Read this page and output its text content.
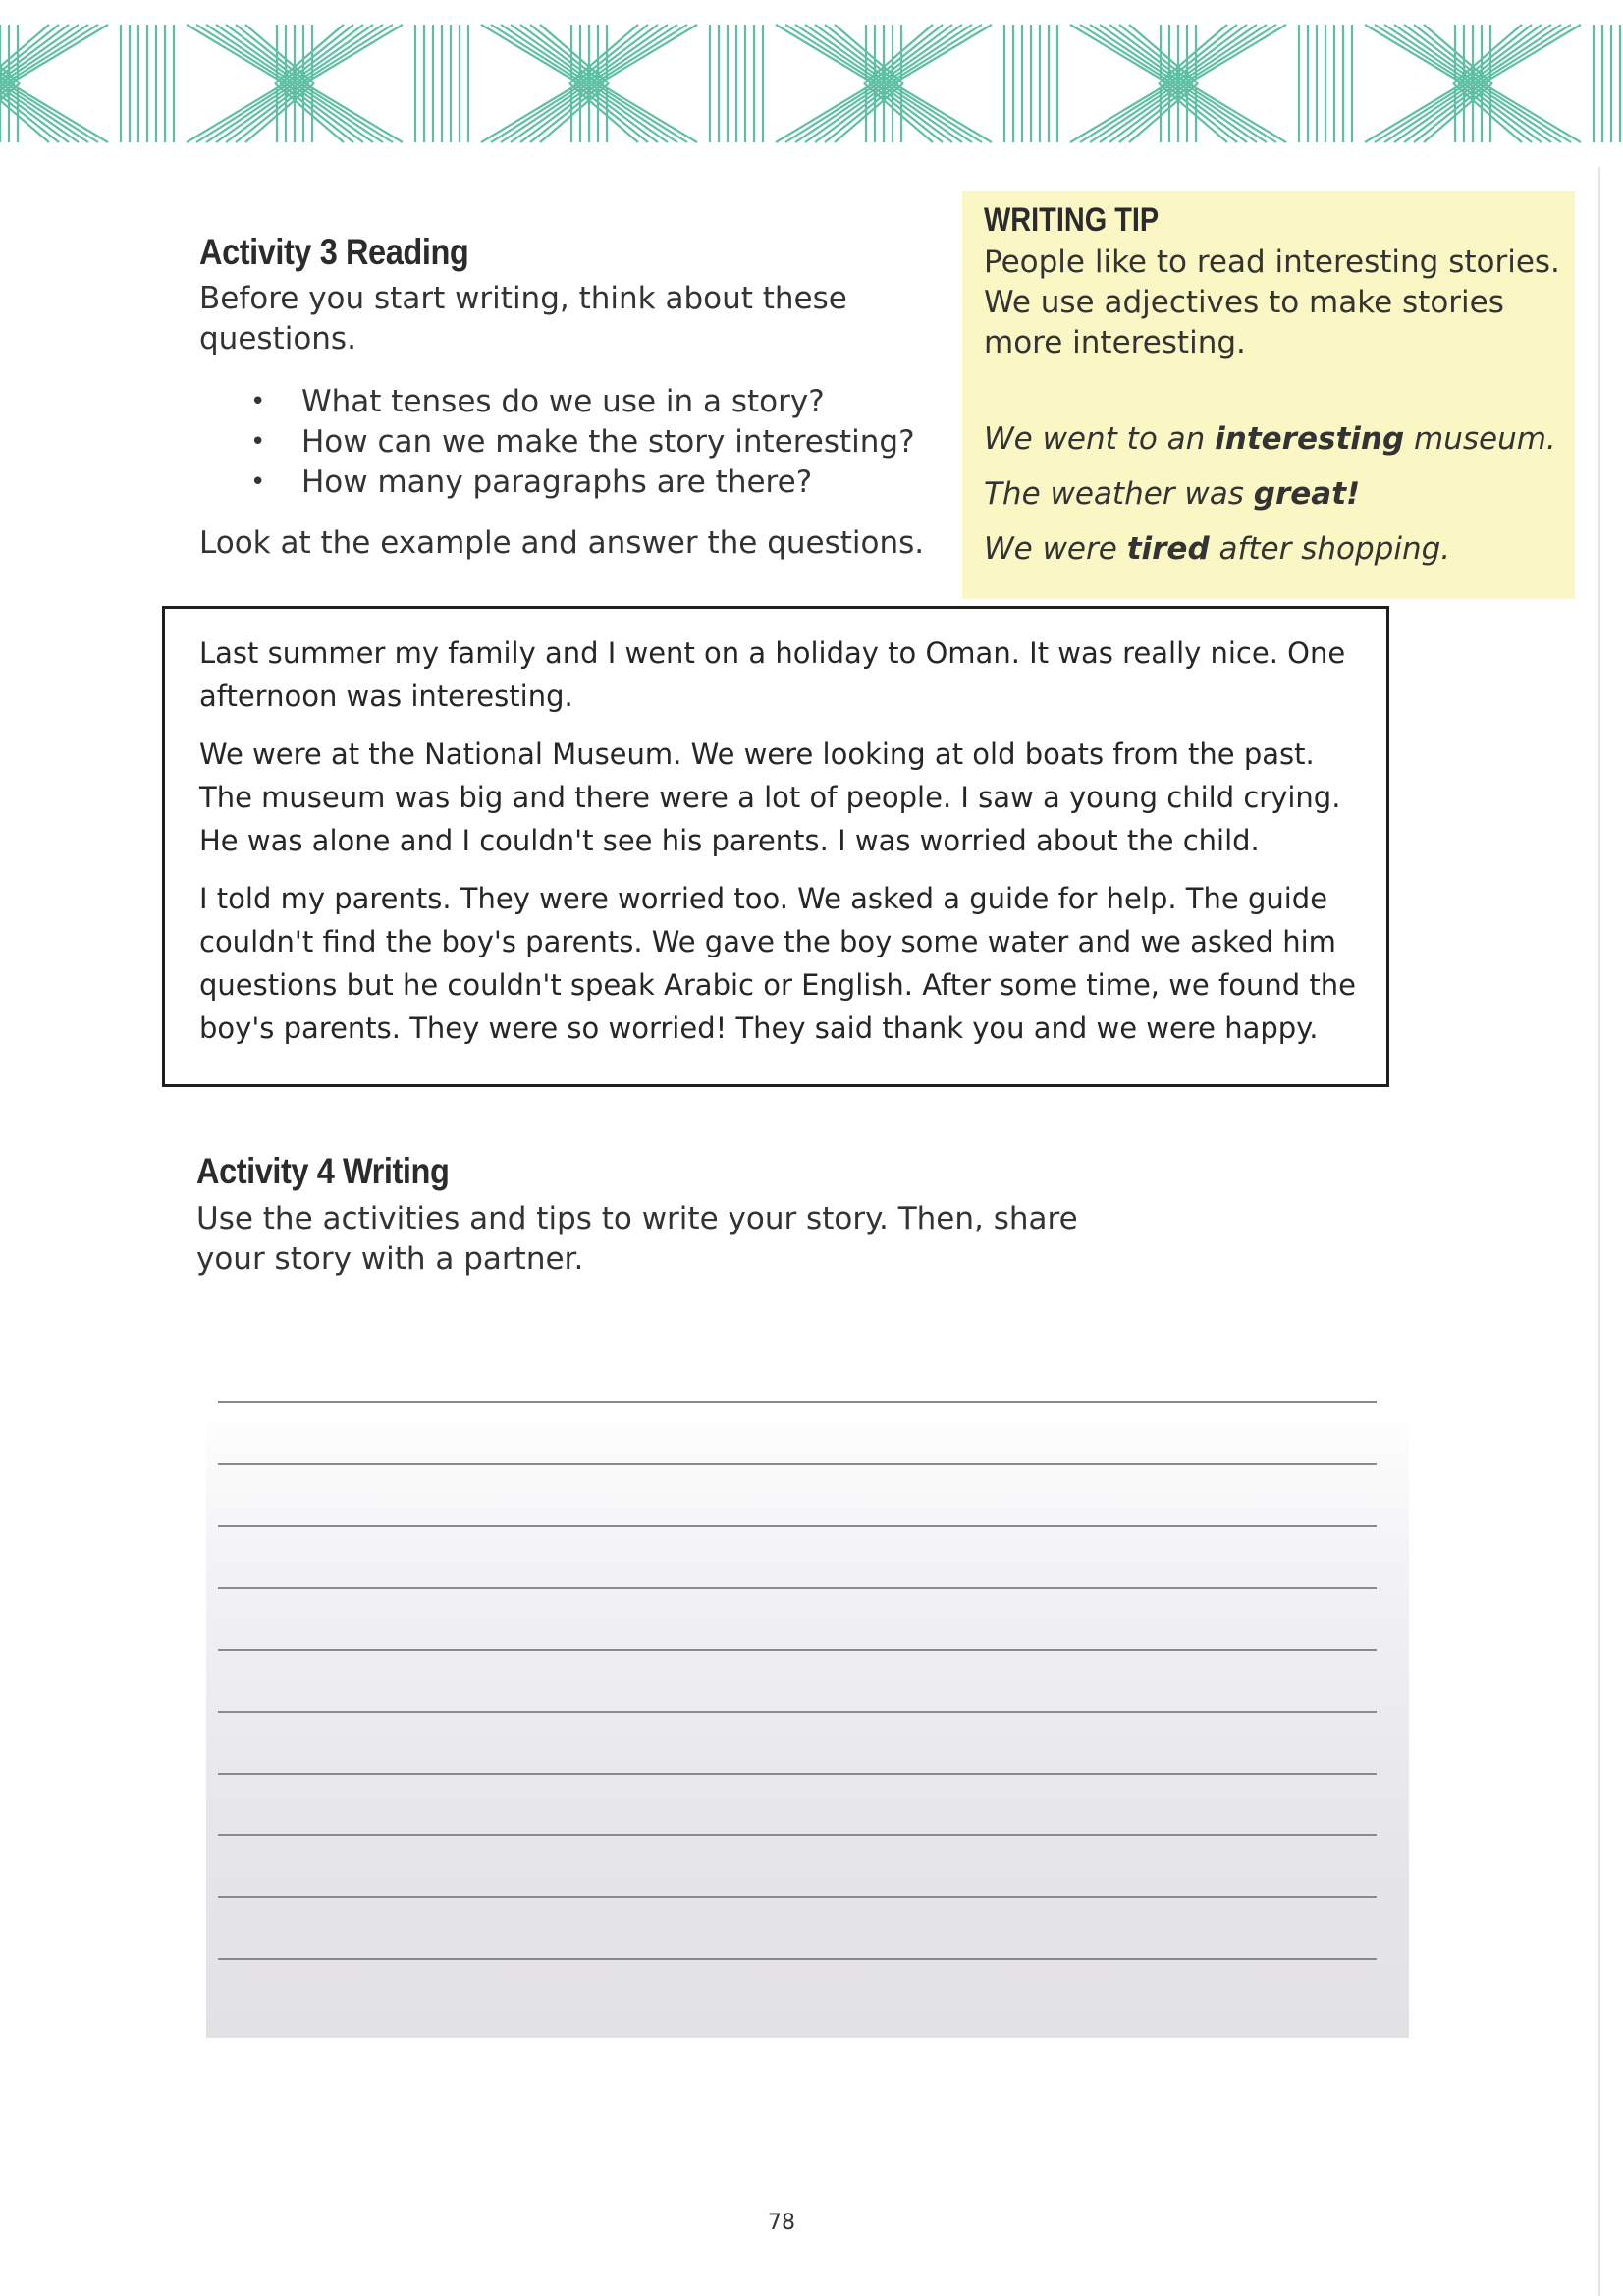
Activity 3 Reading

Before you start writing, think about these questions.

• What tenses do we use in a story?
• How can we make the story interesting?
• How many paragraphs are there?

Look at the example and answer the questions.

WRITING TIP

People like to read interesting stories. We use adjectives to make stories more interesting.

We went to an interesting museum.

The weather was great!

We were tired after shopping.

Last summer my family and I went on a holiday to Oman. It was really nice. One afternoon was interesting.

We were at the National Museum. We were looking at old boats from the past. The museum was big and there were a lot of people. I saw a young child crying. He was alone and I couldn't see his parents. I was worried about the child.

I told my parents. They were worried too. We asked a guide for help. The guide couldn't find the boy's parents. We gave the boy some water and we asked him questions but he couldn't speak Arabic or English. After some time, we found the boy's parents. They were so worried! They said thank you and we were happy.

Activity 4 Writing

Use the activities and tips to write your story. Then, share your story with a partner.

78
